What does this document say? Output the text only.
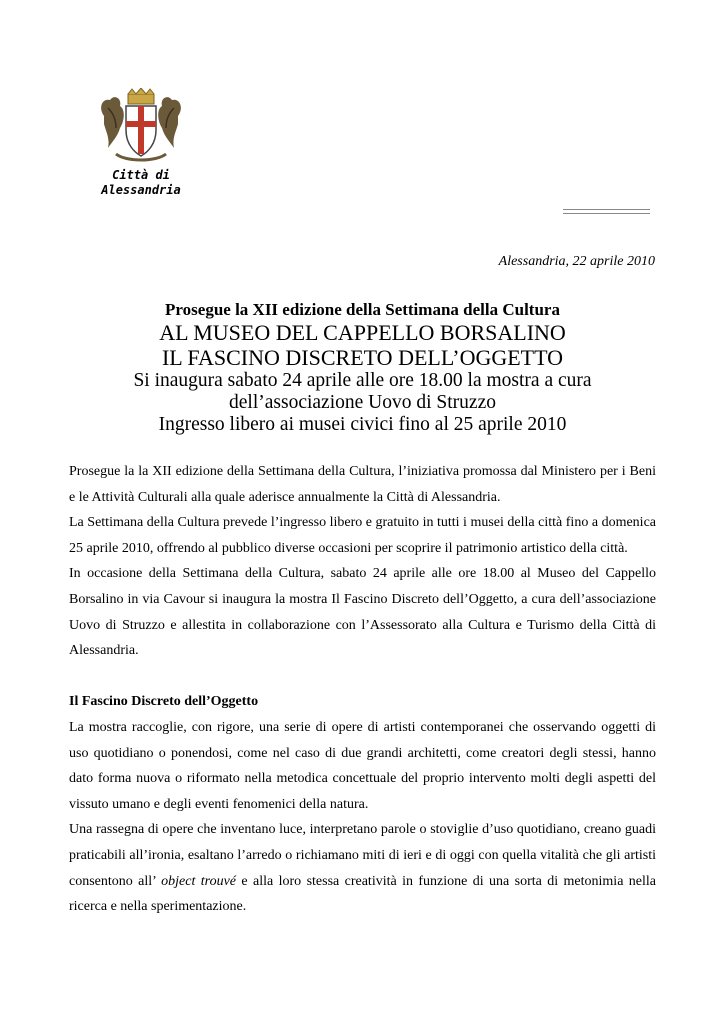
Città di
Alessandria
Alessandria, 22 aprile 2010
Prosegue la XII edizione della Settimana della Cultura
AL MUSEO DEL CAPPELLO BORSALINO
IL FASCINO DISCRETO DELL’OGGETTO
Si inaugura sabato 24 aprile alle ore 18.00 la mostra a cura
dell’associazione Uovo di Struzzo
Ingresso libero ai musei civici fino al 25 aprile 2010

Prosegue la la XII edizione della Settimana della Cultura, l’iniziativa promossa dal Ministero per i Beni e le Attività Culturali alla quale aderisce annualmente la Città di Alessandria.

La Settimana della Cultura prevede l’ingresso libero e gratuito in tutti i musei della città fino a domenica 25 aprile 2010, offrendo al pubblico diverse occasioni per scoprire il patrimonio artistico della città.

In occasione della Settimana della Cultura, sabato 24 aprile alle ore 18.00 al Museo del Cappello Borsalino in via Cavour si inaugura la mostra Il Fascino Discreto dell’Oggetto, a cura dell’associazione Uovo di Struzzo e allestita in collaborazione con l’Assessorato alla Cultura e Turismo della Città di Alessandria.

Il Fascino Discreto dell’Oggetto

La mostra raccoglie, con rigore, una serie di opere di artisti contemporanei che osservando oggetti di uso quotidiano o ponendosi, come nel caso di due grandi architetti, come creatori degli stessi, hanno dato forma nuova o riformato nella metodica concettuale del proprio intervento molti degli aspetti del vissuto umano e degli eventi fenomenici della natura.

Una rassegna di opere che inventano luce, interpretano parole o stoviglie d’uso quotidiano, creano guadi praticabili all’ironia, esaltano l’arredo o richiamano miti di ieri e di oggi con quella vitalità che gli artisti consentono all’ object trouvé e alla loro stessa creatività in funzione di una sorta di metonimia nella ricerca e nella sperimentazione.
